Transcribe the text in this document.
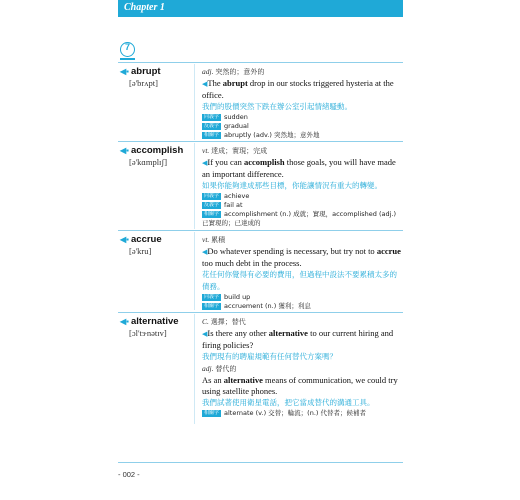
Chapter 1
7
◀▪ abrupt
[ə'brʌpt]
adj. 突然的；意外的
◀The abrupt drop in our stocks triggered hysteria at the office.
我們的股價突然下跌在辦公室引起情緒騷動。
同義字 sudden
反義字 gradual
相關字 abruptly (adv.) 突然地；意外地
◀▪ accomplish
[ə'kɑmplɪʃ]
vt. 達成；實現；完成
◀If you can accomplish those goals, you will have made an important difference.
如果你能夠達成那些目標，你能讓情況有重大的轉變。
同義字 achieve
反義字 fail at
相關字 accomplishment (n.) 成就；實現，accomplished (adj.) 已實現的；已達成的
◀▪ accrue
[ə'kru]
vt. 累積
◀Do whatever spending is necessary, but try not to accrue too much debt in the process.
花任何你覺得有必要的費用，但過程中設法不要累積太多的債務。
同義字 build up
相關字 accruement (n.) 獲利；利息
◀▪ alternative
[ɔl'tɝnətɪv]
C. 選擇；替代
◀Is there any other alternative to our current hiring and firing policies?
我們現有的聘雇規範有任何替代方案嗎？
adj. 替代的
As an alternative means of communication, we could try using satellite phones.
我們試著使用衛星電話，把它當成替代的溝通工具。
相關字 alternate (v.) 交替；輪流；(n.) 代替者；候補者
- 002 -
